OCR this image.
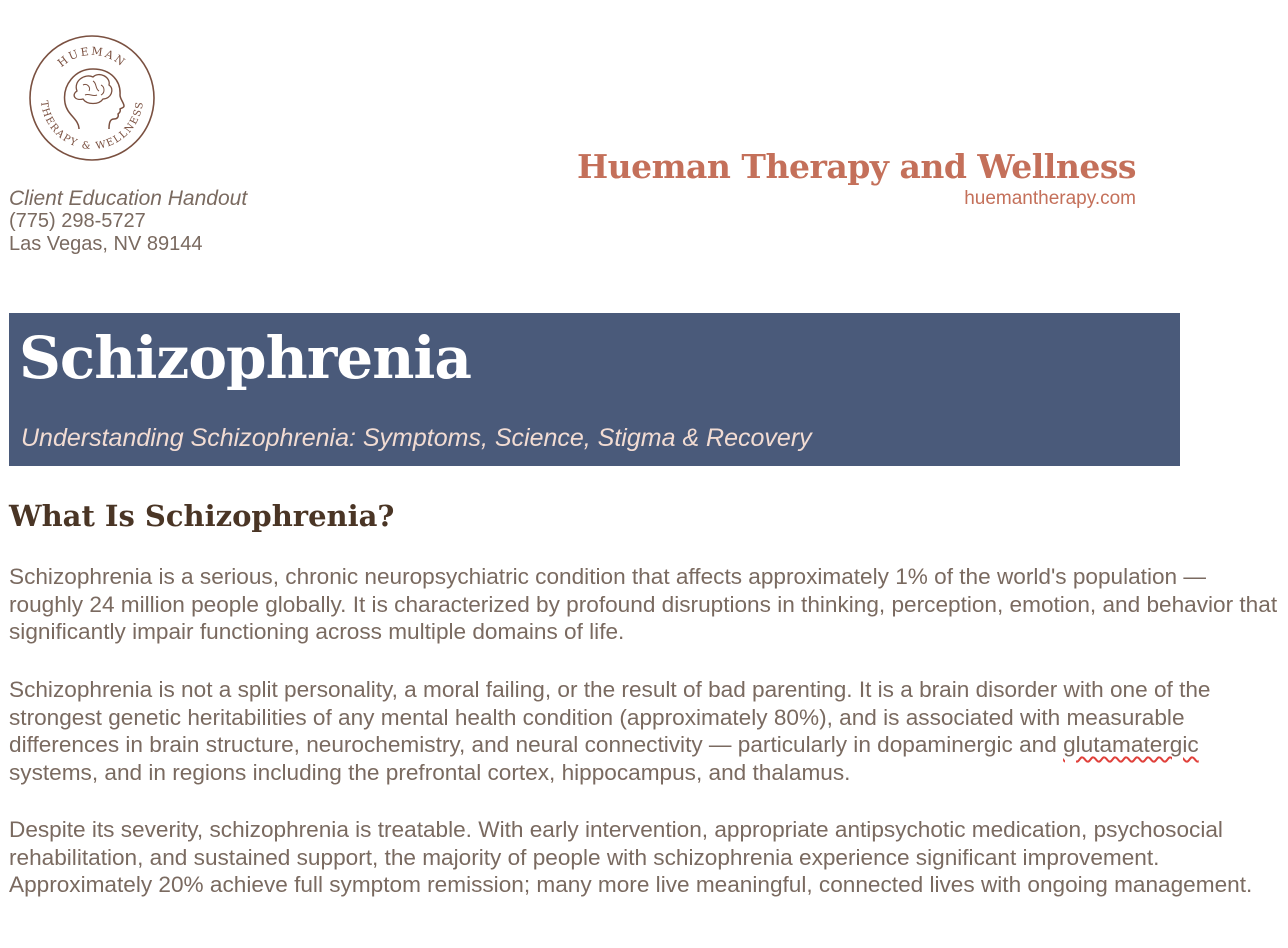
HUEMAN
THERAPY & WELLNESS
Client Education Handout
(775) 298-5727
Las Vegas, NV 89144
Hueman Therapy and Wellness
huemantherapy.com
Schizophrenia
Understanding Schizophrenia: Symptoms, Science, Stigma & Recovery
What Is Schizophrenia?

Schizophrenia is a serious, chronic neuropsychiatric condition that affects approximately 1% of the world's population — roughly 24 million people globally. It is characterized by profound disruptions in thinking, perception, emotion, and behavior that significantly impair functioning across multiple domains of life.

Schizophrenia is not a split personality, a moral failing, or the result of bad parenting. It is a brain disorder with one of the strongest genetic heritabilities of any mental health condition (approximately 80%), and is associated with measurable differences in brain structure, neurochemistry, and neural connectivity — particularly in dopaminergic and glutamatergic systems, and in regions including the prefrontal cortex, hippocampus, and thalamus.

Despite its severity, schizophrenia is treatable. With early intervention, appropriate antipsychotic medication, psychosocial rehabilitation, and sustained support, the majority of people with schizophrenia experience significant improvement. Approximately 20% achieve full symptom remission; many more live meaningful, connected lives with ongoing management.
